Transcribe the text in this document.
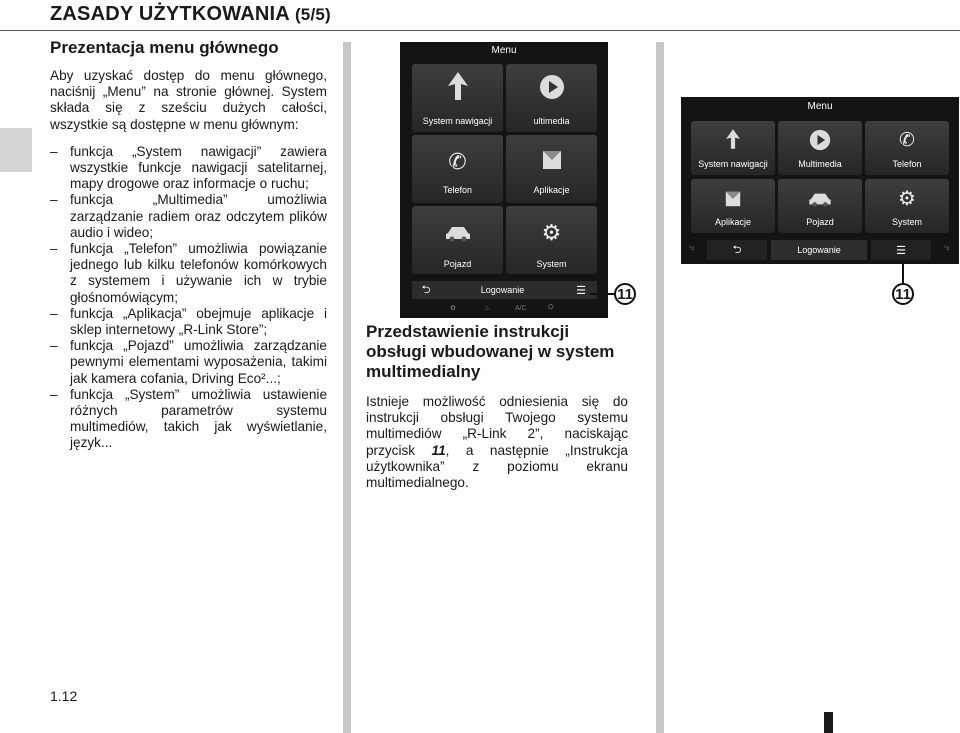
ZASADY UŻYTKOWANIA (5/5)
Prezentacja menu głównego

Aby uzyskać dostęp do menu głównego, naciśnij „Menu” na stronie głównej. System składa się z sześciu dużych całości, wszystkie są dostępne w menu głównym:

– funkcja „System nawigacji” zawiera wszystkie funkcje nawigacji satelitarnej, mapy drogowe oraz informacje o ruchu;
– funkcja „Multimedia” umożliwia zarządzanie radiem oraz odczytem plików audio i wideo;
– funkcja „Telefon” umożliwia powiązanie jednego lub kilku telefonów komórkowych z systemem i używanie ich w trybie głośnomówiącym;
– funkcja „Aplikacja” obejmuje aplikacje i sklep internetowy „R-Link Store”;
– funkcja „Pojazd” umożliwia zarządzanie pewnymi elementami wyposażenia, takimi jak kamera cofania, Driving Eco²...;
– funkcja „System” umożliwia ustawienie różnych parametrów systemu multimediów, takich jak wyświetlanie, język...
Menu
System nawigacji	ultimedia
✆
Telefon	Aplikacje
Pojazd
⚙
System
⮌	Logowanie	☰
✿	♨	A/C	⛭
11
Menu
System nawigacji	Multimedia
✆
Telefon
Aplikacje	Pojazd
⚙
System
⮌	Logowanie	☰
°c	°c
11
Przedstawienie instrukcji obsługi wbudowanej w system multimedialny

Istnieje możliwość odniesienia się do instrukcji obsługi Twojego systemu multimediów „R-Link 2”, naciskając przycisk 11, a następnie „Instrukcja użytkownika” z poziomu ekranu multimedialnego.

1.12
